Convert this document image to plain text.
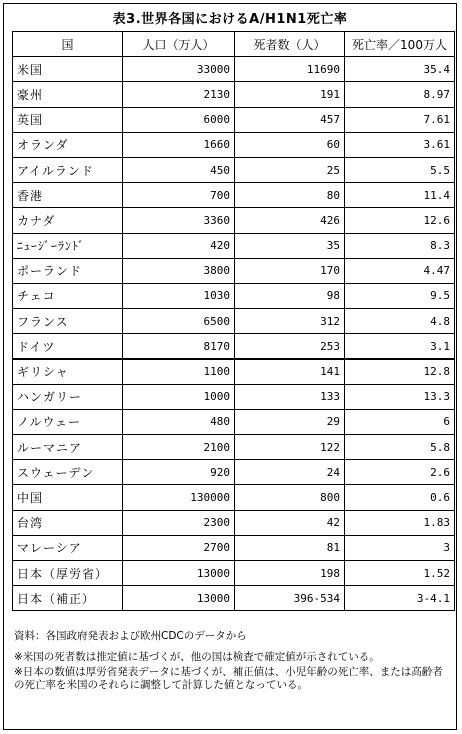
表3.世界各国におけるA/H1N1死亡率
国	人口（万人）	死者数（人）	死亡率／100万人
米国	33000	11690	35.4
豪州	2130	191	8.97
英国	6000	457	7.61
オランダ	1660	60	3.61
アイルランド	450	25	5.5
香港	700	80	11.4
カナダ	3360	426	12.6
ﾆｭｰｼﾞｰﾗﾝﾄﾞ	420	35	8.3
ポーランド	3800	170	4.47
チェコ	1030	98	9.5
フランス	6500	312	4.8
ドイツ	8170	253	3.1
ギリシャ	1100	141	12.8
ハンガリー	1000	133	13.3
ノルウェー	480	29	6
ルーマニア	2100	122	5.8
スウェーデン	920	24	2.6
中国	130000	800	0.6
台湾	2300	42	1.83
マレーシア	2700	81	3
日本（厚労省）	13000	198	1.52
日本（補正）	13000	396-534	3-4.1

資料：各国政府発表および欧州CDCのデータから

※米国の死者数は推定値に基づくが、他の国は検査で確定値が示されている。

※日本の数値は厚労省発表データに基づくが、補正値は、小児年齢の死亡率、または高齢者の死亡率を米国のそれらに調整して計算した値となっている。
